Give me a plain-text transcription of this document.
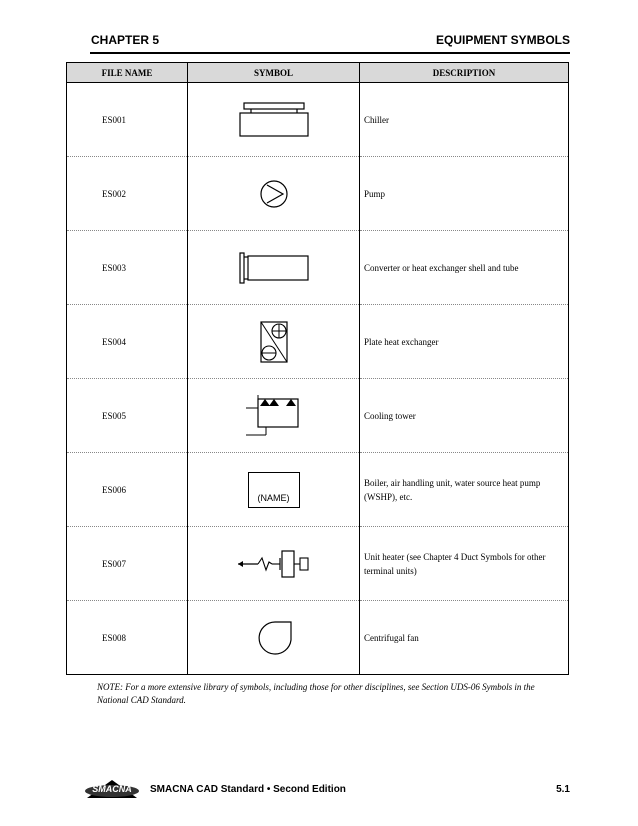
CHAPTER 5	EQUIPMENT SYMBOLS
FILE NAME	SYMBOL	DESCRIPTION
ES001		Chiller
ES002		Pump
ES003		Converter or heat exchanger shell and tube
ES004		Plate heat exchanger
ES005		Cooling tower
ES006	(NAME)	Boiler, air handling unit, water source heat pump (WSHP), etc.
ES007		Unit heater (see Chapter 4 Duct Symbols for other terminal units)
ES008		Centrifugal fan
NOTE: For a more extensive library of symbols, including those for other disciplines, see Section UDS-06 Symbols in the National CAD Standard.
SMACNA	SMACNA CAD Standard • Second Edition	5.1
